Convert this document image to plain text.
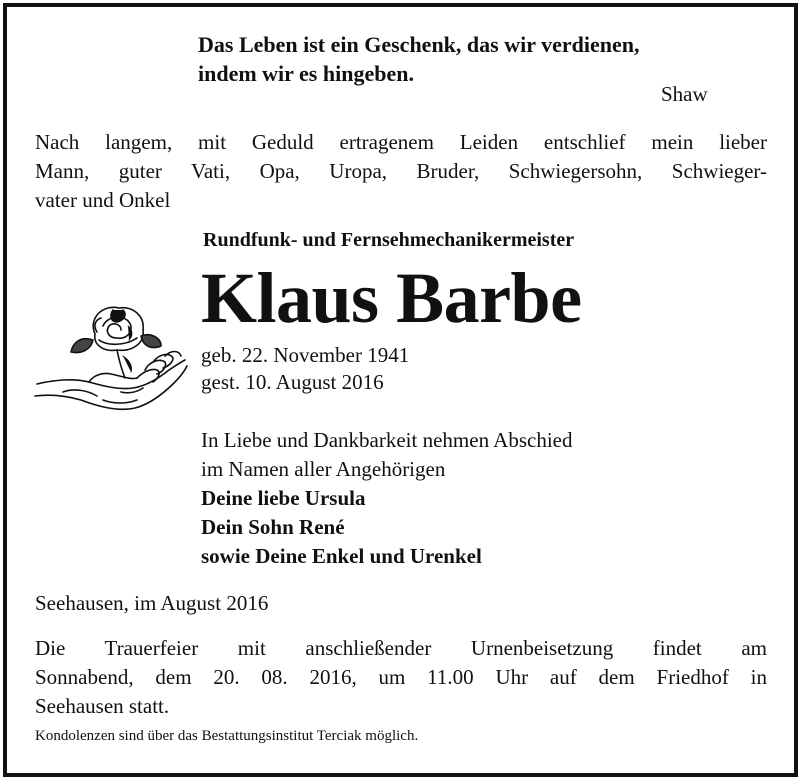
Das Leben ist ein Geschenk, das wir verdienen,
indem wir es hingeben.
Shaw
Nach langem, mit Geduld ertragenem Leiden entschlief mein lieber
Mann, guter Vati, Opa, Uropa, Bruder, Schwiegersohn, Schwieger-
vater und Onkel
Rundfunk- und Fernsehmechanikermeister
Klaus Barbe
geb. 22. November 1941
gest. 10. August 2016
In Liebe und Dankbarkeit nehmen Abschied
im Namen aller Angehörigen
Deine liebe Ursula
Dein Sohn René
sowie Deine Enkel und Urenkel
Seehausen, im August 2016
Die Trauerfeier mit anschließender Urnenbeisetzung findet am
Sonnabend, dem 20. 08. 2016, um 11.00 Uhr auf dem Friedhof in
Seehausen statt.
Kondolenzen sind über das Bestattungsinstitut Terciak möglich.
